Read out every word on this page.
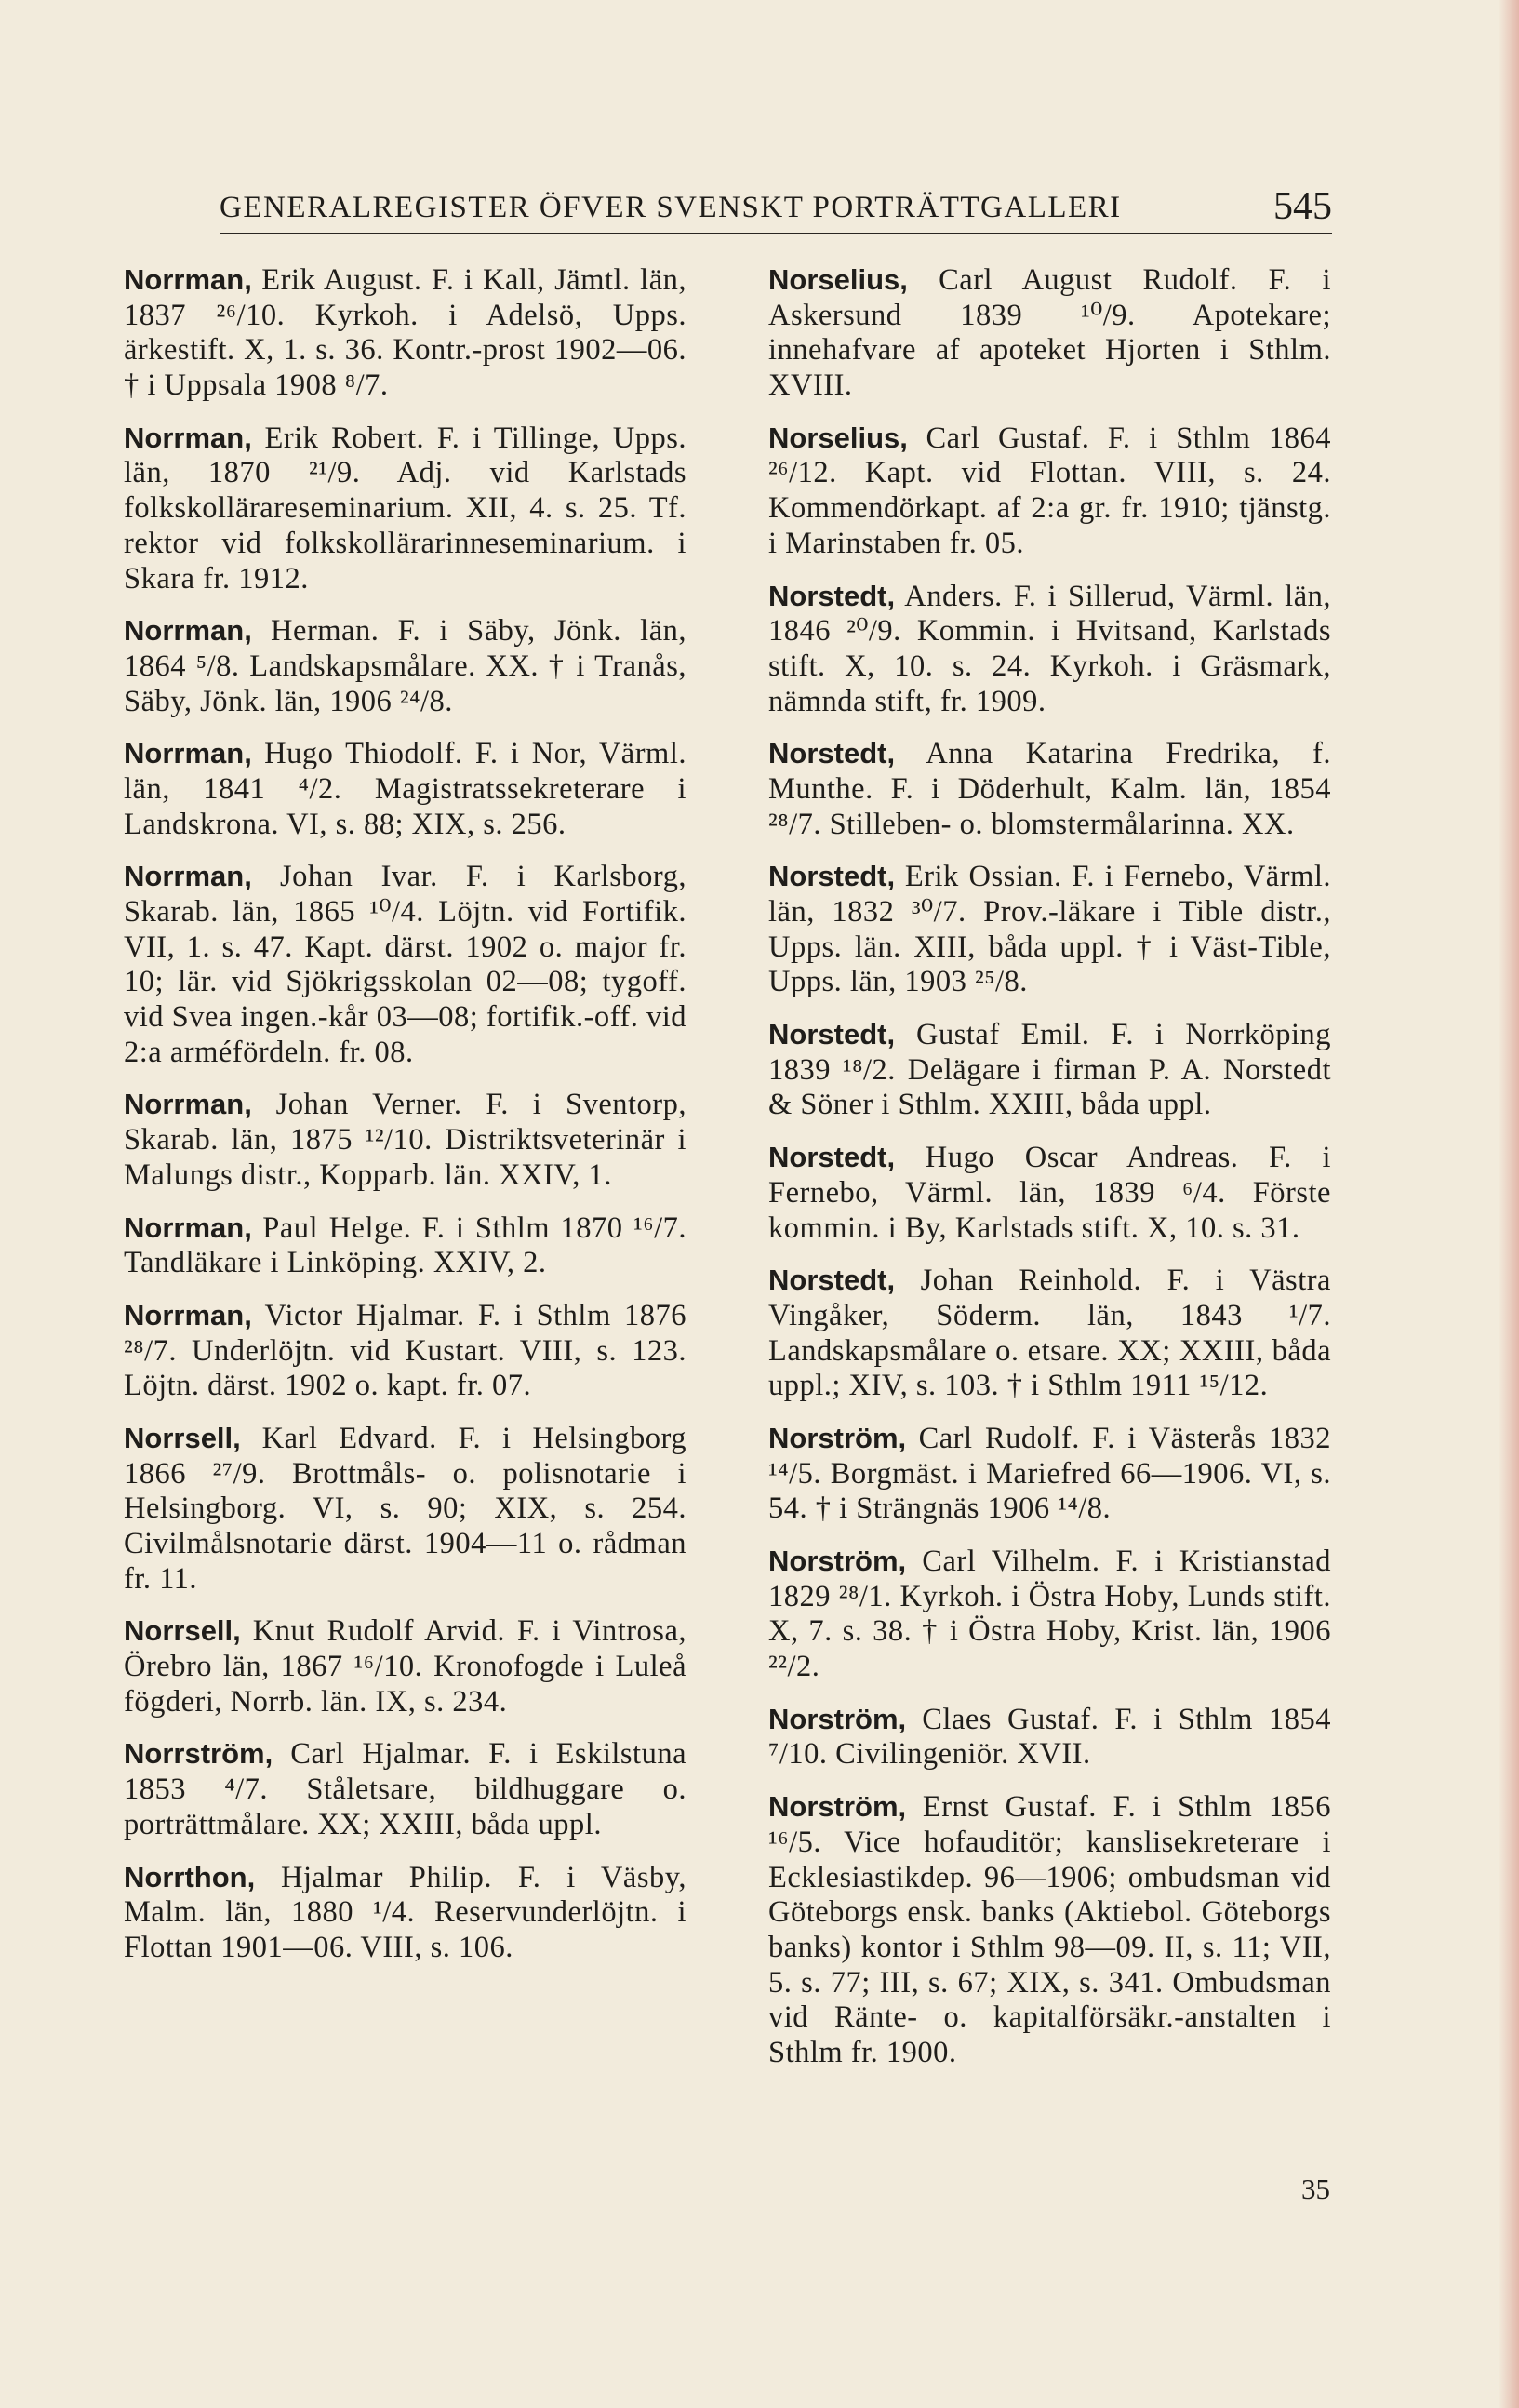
GENERALREGISTER ÖFVER SVENSKT PORTRÄTTGALLERI	545
Norrman, Erik August. F. i Kall, Jämtl. län, 1837 ²⁶/10. Kyrkoh. i Adelsö, Upps. ärkestift. X, 1. s. 36. Kontr.-prost 1902—06. † i Uppsala 1908 ⁸/7.
Norrman, Erik Robert. F. i Tillinge, Upps. län, 1870 ²¹/9. Adj. vid Karlstads folkskollärareseminarium. XII, 4. s. 25. Tf. rektor vid folkskollärarinneseminarium. i Skara fr. 1912.
Norrman, Herman. F. i Säby, Jönk. län, 1864 ⁵/8. Landskapsmålare. XX. † i Tranås, Säby, Jönk. län, 1906 ²⁴/8.
Norrman, Hugo Thiodolf. F. i Nor, Värml. län, 1841 ⁴/2. Magistratssekreterare i Landskrona. VI, s. 88; XIX, s. 256.
Norrman, Johan Ivar. F. i Karlsborg, Skarab. län, 1865 ¹⁰/4. Löjtn. vid Fortifik. VII, 1. s. 47. Kapt. därst. 1902 o. major fr. 10; lär. vid Sjökrigsskolan 02—08; tygoff. vid Svea ingen.-kår 03—08; fortifik.-off. vid 2:a arméfördeln. fr. 08.
Norrman, Johan Verner. F. i Sventorp, Skarab. län, 1875 ¹²/10. Distriktsveterinär i Malungs distr., Kopparb. län. XXIV, 1.
Norrman, Paul Helge. F. i Sthlm 1870 ¹⁶/7. Tandläkare i Linköping. XXIV, 2.
Norrman, Victor Hjalmar. F. i Sthlm 1876 ²⁸/7. Underlöjtn. vid Kustart. VIII, s. 123. Löjtn. därst. 1902 o. kapt. fr. 07.
Norrsell, Karl Edvard. F. i Helsingborg 1866 ²⁷/9. Brottmåls- o. polisnotarie i Helsingborg. VI, s. 90; XIX, s. 254. Civilmålsnotarie därst. 1904—11 o. rådman fr. 11.
Norrsell, Knut Rudolf Arvid. F. i Vintrosa, Örebro län, 1867 ¹⁶/10. Kronofogde i Luleå fögderi, Norrb. län. IX, s. 234.
Norrström, Carl Hjalmar. F. i Eskilstuna 1853 ⁴/7. Ståletsare, bildhuggare o. porträttmålare. XX; XXIII, båda uppl.
Norrthon, Hjalmar Philip. F. i Väsby, Malm. län, 1880 ¹/4. Reservunderlöjtn. i Flottan 1901—06. VIII, s. 106.
Norselius, Carl August Rudolf. F. i Askersund 1839 ¹⁰/9. Apotekare; innehafvare af apoteket Hjorten i Sthlm. XVIII.
Norselius, Carl Gustaf. F. i Sthlm 1864 ²⁶/12. Kapt. vid Flottan. VIII, s. 24. Kommendörkapt. af 2:a gr. fr. 1910; tjänstg. i Marinstaben fr. 05.
Norstedt, Anders. F. i Sillerud, Värml. län, 1846 ²⁰/9. Kommin. i Hvitsand, Karlstads stift. X, 10. s. 24. Kyrkoh. i Gräsmark, nämnda stift, fr. 1909.
Norstedt, Anna Katarina Fredrika, f. Munthe. F. i Döderhult, Kalm. län, 1854 ²⁸/7. Stilleben- o. blomstermålarinna. XX.
Norstedt, Erik Ossian. F. i Fernebo, Värml. län, 1832 ³⁰/7. Prov.-läkare i Tible distr., Upps. län. XIII, båda uppl. † i Väst-Tible, Upps. län, 1903 ²⁵/8.
Norstedt, Gustaf Emil. F. i Norrköping 1839 ¹⁸/2. Delägare i firman P. A. Norstedt & Söner i Sthlm. XXIII, båda uppl.
Norstedt, Hugo Oscar Andreas. F. i Fernebo, Värml. län, 1839 ⁶/4. Förste kommin. i By, Karlstads stift. X, 10. s. 31.
Norstedt, Johan Reinhold. F. i Västra Vingåker, Söderm. län, 1843 ¹/7. Landskapsmålare o. etsare. XX; XXIII, båda uppl.; XIV, s. 103. † i Sthlm 1911 ¹⁵/12.
Norström, Carl Rudolf. F. i Västerås 1832 ¹⁴/5. Borgmäst. i Mariefred 66—1906. VI, s. 54. † i Strängnäs 1906 ¹⁴/8.
Norström, Carl Vilhelm. F. i Kristianstad 1829 ²⁸/1. Kyrkoh. i Östra Hoby, Lunds stift. X, 7. s. 38. † i Östra Hoby, Krist. län, 1906 ²²/2.
Norström, Claes Gustaf. F. i Sthlm 1854 ⁷/10. Civilingeniör. XVII.
Norström, Ernst Gustaf. F. i Sthlm 1856 ¹⁶/5. Vice hofauditör; kanslisekreterare i Ecklesiastikdep. 96—1906; ombudsman vid Göteborgs ensk. banks (Aktiebol. Göteborgs banks) kontor i Sthlm 98—09. II, s. 11; VII, 5. s. 77; III, s. 67; XIX, s. 341. Ombudsman vid Ränte- o. kapitalförsäkr.-anstalten i Sthlm fr. 1900.
35
